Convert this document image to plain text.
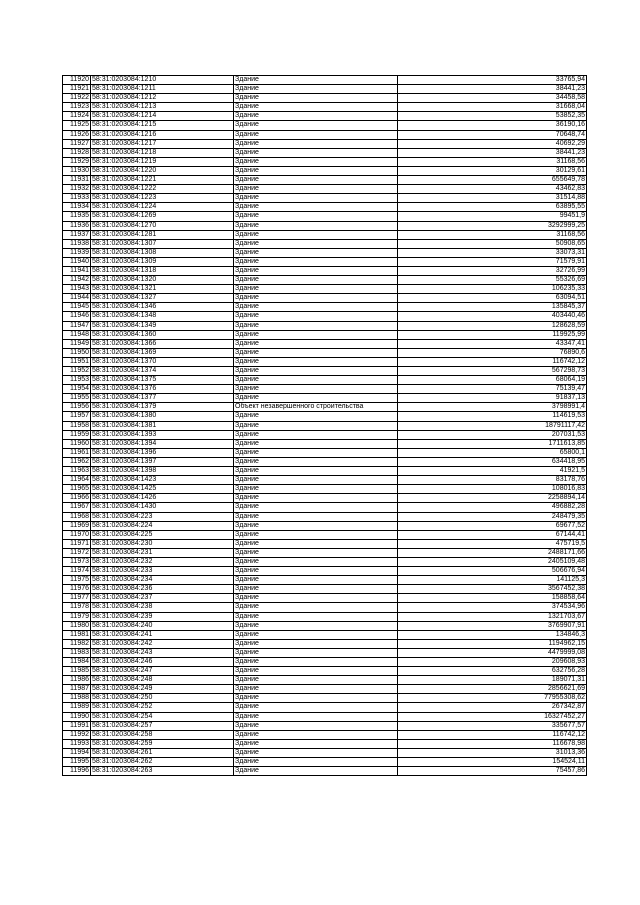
11920	58:31:0203084:1210	Здание	33765,94
11921	58:31:0203084:1211	Здание	38441,23
11922	58:31:0203084:1212	Здание	34458,58
11923	58:31:0203084:1213	Здание	31668,04
11924	58:31:0203084:1214	Здание	53852,35
11925	58:31:0203084:1215	Здание	36190,16
11926	58:31:0203084:1216	Здание	70648,74
11927	58:31:0203084:1217	Здание	40692,29
11928	58:31:0203084:1218	Здание	38441,23
11929	58:31:0203084:1219	Здание	31168,56
11930	58:31:0203084:1220	Здание	30129,61
11931	58:31:0203084:1221	Здание	655649,78
11932	58:31:0203084:1222	Здание	43462,83
11933	58:31:0203084:1223	Здание	31514,88
11934	58:31:0203084:1224	Здание	63895,55
11935	58:31:0203084:1269	Здание	99451,9
11936	58:31:0203084:1270	Здание	3292999,25
11937	58:31:0203084:1281	Здание	31168,56
11938	58:31:0203084:1307	Здание	50908,65
11939	58:31:0203084:1308	Здание	33073,31
11940	58:31:0203084:1309	Здание	71579,91
11941	58:31:0203084:1318	Здание	32726,99
11942	58:31:0203084:1320	Здание	55326,69
11943	58:31:0203084:1321	Здание	106235,33
11944	58:31:0203084:1327	Здание	63094,51
11945	58:31:0203084:1346	Здание	135845,37
11946	58:31:0203084:1348	Здание	403440,46
11947	58:31:0203084:1349	Здание	128628,59
11948	58:31:0203084:1360	Здание	119925,99
11949	58:31:0203084:1366	Здание	43347,41
11950	58:31:0203084:1369	Здание	76890,6
11951	58:31:0203084:1370	Здание	116742,12
11952	58:31:0203084:1374	Здание	567298,73
11953	58:31:0203084:1375	Здание	68064,19
11954	58:31:0203084:1376	Здание	75139,47
11955	58:31:0203084:1377	Здание	91837,13
11956	58:31:0203084:1379	Объект незавершенного строительства	3798991,4
11957	58:31:0203084:1380	Здание	114619,53
11958	58:31:0203084:1381	Здание	18791117,42
11959	58:31:0203084:1393	Здание	207031,53
11960	58:31:0203084:1394	Здание	1711613,85
11961	58:31:0203084:1396	Здание	65800,1
11962	58:31:0203084:1397	Здание	634418,95
11963	58:31:0203084:1398	Здание	41921,5
11964	58:31:0203084:1423	Здание	83178,76
11965	58:31:0203084:1425	Здание	108016,83
11966	58:31:0203084:1426	Здание	2258894,14
11967	58:31:0203084:1430	Здание	496882,28
11968	58:31:0203084:223	Здание	248479,35
11969	58:31:0203084:224	Здание	69677,52
11970	58:31:0203084:225	Здание	67144,41
11971	58:31:0203084:230	Здание	475719,5
11972	58:31:0203084:231	Здание	2488171,66
11973	58:31:0203084:232	Здание	2405109,48
11974	58:31:0203084:233	Здание	506676,94
11975	58:31:0203084:234	Здание	141125,3
11976	58:31:0203084:236	Здание	3567452,38
11977	58:31:0203084:237	Здание	158858,64
11978	58:31:0203084:238	Здание	374534,96
11979	58:31:0203084:239	Здание	1321703,67
11980	58:31:0203084:240	Здание	3769907,91
11981	58:31:0203084:241	Здание	134846,3
11982	58:31:0203084:242	Здание	1194962,15
11983	58:31:0203084:243	Здание	4479999,08
11984	58:31:0203084:246	Здание	209608,93
11985	58:31:0203084:247	Здание	632756,28
11986	58:31:0203084:248	Здание	189071,31
11987	58:31:0203084:249	Здание	2856621,69
11988	58:31:0203084:250	Здание	77955308,62
11989	58:31:0203084:252	Здание	267342,87
11990	58:31:0203084:254	Здание	16327452,27
11991	58:31:0203084:257	Здание	335677,57
11992	58:31:0203084:258	Здание	116742,12
11993	58:31:0203084:259	Здание	116678,98
11994	58:31:0203084:261	Здание	31013,36
11995	58:31:0203084:262	Здание	154524,11
11996	58:31:0203084:263	Здание	75457,86
